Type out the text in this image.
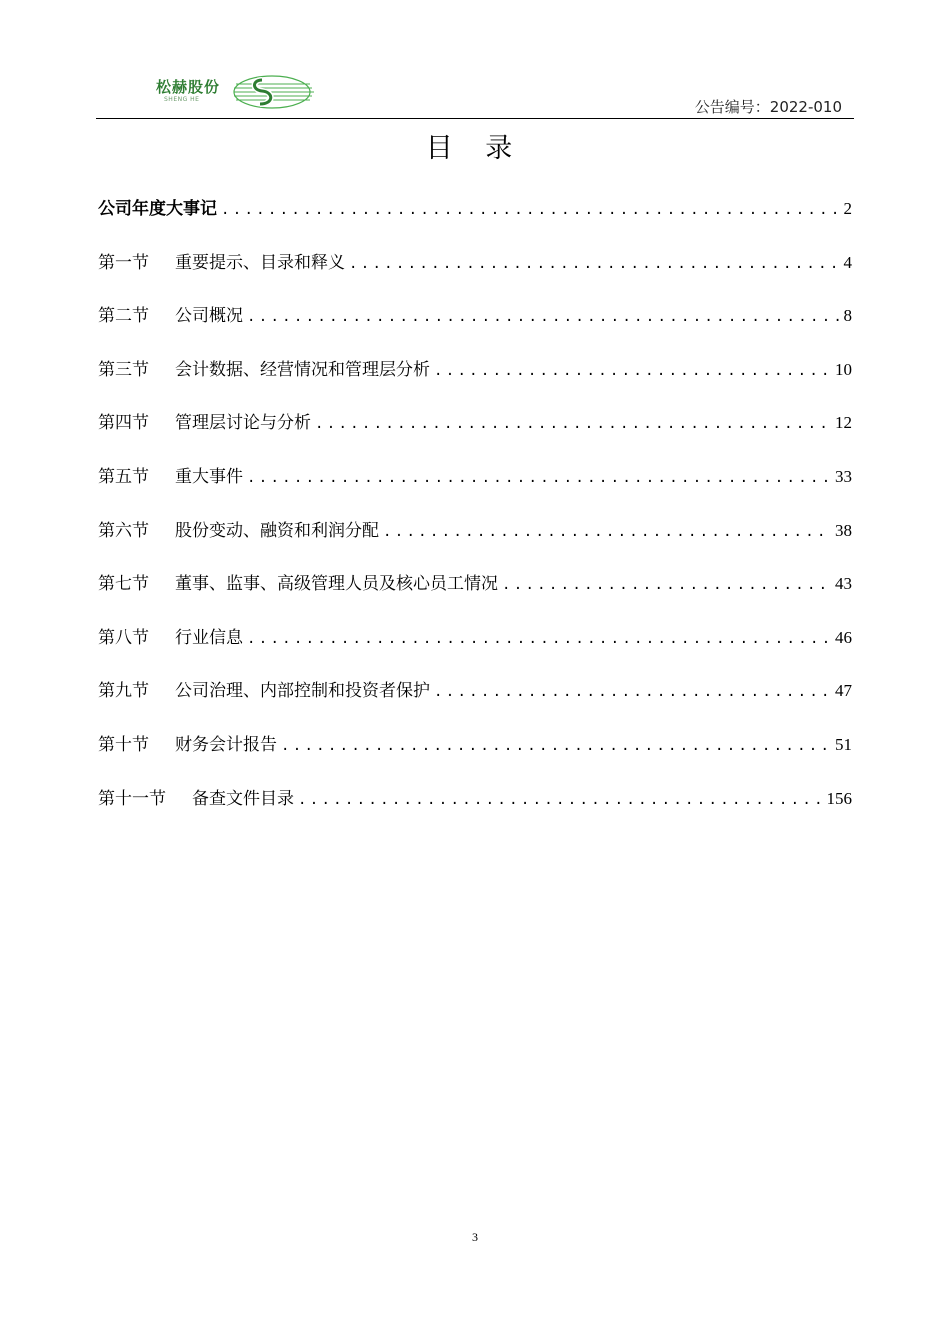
松赫股份
SHENG HE	公告编号：2022-010
目 录
公司年度大事记 .....	2
第一节 重要提示、目录和释义 .....	4
第二节 公司概况 .....	8
第三节 会计数据、经营情况和管理层分析 .....	10
第四节 管理层讨论与分析 .....	12
第五节 重大事件 .....	33
第六节 股份变动、融资和利润分配 .....	38
第七节 董事、监事、高级管理人员及核心员工情况 .....	43
第八节 行业信息 .....	46
第九节 公司治理、内部控制和投资者保护 .....	47
第十节 财务会计报告 .....	51
第十一节 备查文件目录 .....	156
3
